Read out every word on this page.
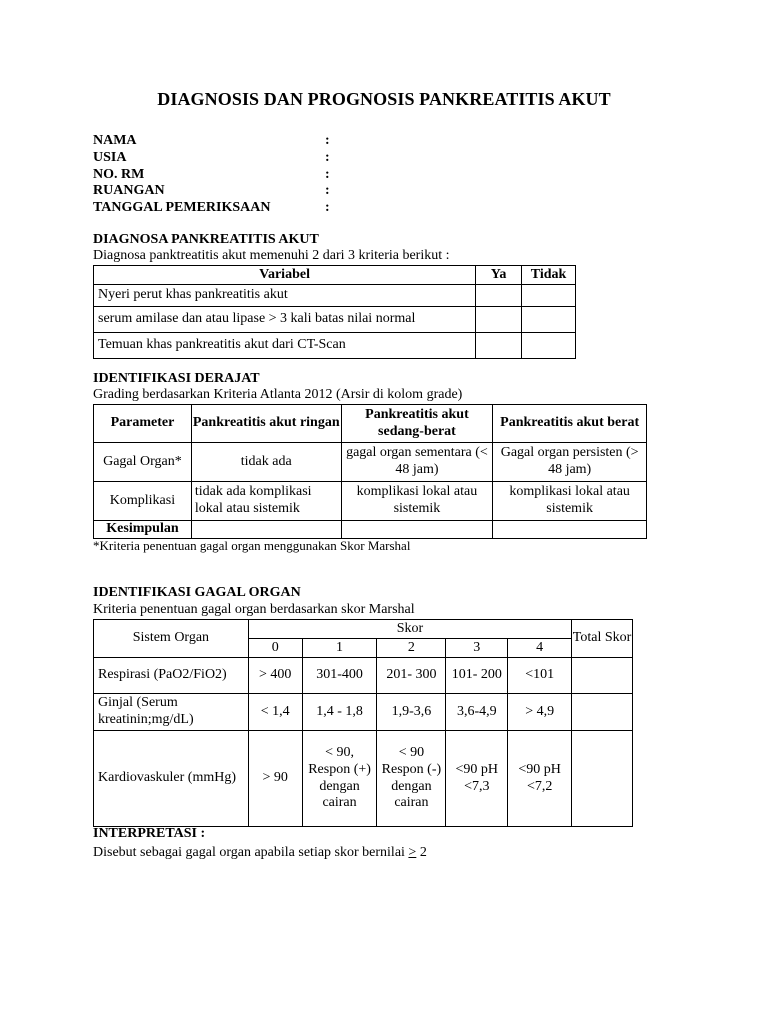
DIAGNOSIS DAN PROGNOSIS PANKREATITIS AKUT
NAMA	:
USIA	:
NO. RM	:
RUANGAN	:
TANGGAL PEMERIKSAAN	:
DIAGNOSA PANKREATITIS AKUT
Diagnosa panktreatitis akut memenuhi 2 dari 3 kriteria berikut :
Variabel	Ya	Tidak
Nyeri perut khas pankreatitis akut		
serum amilase dan atau lipase > 3 kali batas nilai normal		
Temuan khas pankreatitis akut dari CT-Scan		
IDENTIFIKASI DERAJAT
Grading berdasarkan Kriteria Atlanta 2012 (Arsir di kolom grade)
Parameter	Pankreatitis akut ringan	Pankreatitis akut sedang-berat	Pankreatitis akut berat
Gagal Organ*	tidak ada	gagal organ sementara (< 48 jam)	Gagal organ persisten (> 48 jam)
Komplikasi	tidak ada komplikasi lokal atau sistemik	komplikasi lokal atau sistemik	komplikasi lokal atau sistemik
Kesimpulan			
*Kriteria penentuan gagal organ menggunakan Skor Marshal
IDENTIFIKASI GAGAL ORGAN
Kriteria penentuan gagal organ berdasarkan skor Marshal
Sistem Organ	Skor					Total Skor
	0	1	2	3	4	
Respirasi (PaO2/FiO2)	> 400	301-400	201- 300	101- 200	<101	
Ginjal (Serum kreatinin;mg/dL)	< 1,4	1,4 - 1,8	1,9-3,6	3,6-4,9	> 4,9	
Kardiovaskuler (mmHg)	> 90	< 90, Respon (+) dengan cairan	< 90 Respon (-) dengan cairan	<90 pH <7,3	<90 pH <7,2	
INTERPRETASI :
Disebut sebagai gagal organ apabila setiap skor bernilai ≥ 2
